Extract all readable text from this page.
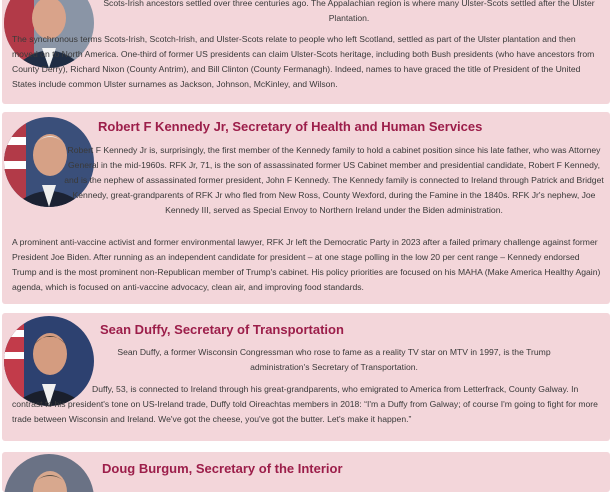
Scots-Irish ancestors settled over three centuries ago. The Appalachian region is where many Ulster-Scots settled after the Ulster Plantation.

The synchronous terms Scots-Irish, Scotch-Irish, and Ulster-Scots relate to people who left Scotland, settled as part of the Ulster plantation and then moved on to North America. One-third of former US presidents can claim Ulster-Scots heritage, including both Bush presidents (who have ancestors from County Derry), Richard Nixon (County Antrim), and Bill Clinton (County Fermanagh). Indeed, names to have graced the title of President of the United States include common Ulster surnames as Jackson, Johnson, McKinley, and Wilson.

Robert F Kennedy Jr, Secretary of Health and Human Services

Robert F Kennedy Jr is, surprisingly, the first member of the Kennedy family to hold a cabinet position since his late father, who was Attorney General in the mid-1960s. RFK Jr, 71, is the son of assassinated former US Cabinet member and presidential candidate, Robert F Kennedy, and is the nephew of assassinated former president, John F Kennedy. The Kennedy family is connected to Ireland through Patrick and Bridget Kennedy, great-grandparents of RFK Jr who fled from New Ross, County Wexford, during the Famine in the 1840s. RFK Jr's nephew, Joe Kennedy III, served as Special Envoy to Northern Ireland under the Biden administration.

A prominent anti-vaccine activist and former environmental lawyer, RFK Jr left the Democratic Party in 2023 after a failed primary challenge against former President Joe Biden. After running as an independent candidate for president – at one stage polling in the low 20 per cent range – Kennedy endorsed Trump and is the most prominent non-Republican member of Trump's cabinet. His policy priorities are focused on his MAHA (Make America Healthy Again) agenda, which is focused on anti-vaccine advocacy, clean air, and improving food standards.

Sean Duffy, Secretary of Transportation

Sean Duffy, a former Wisconsin Congressman who rose to fame as a reality TV star on MTV in 1997, is the Trump administration's Secretary of Transportation.

Duffy, 53, is connected to Ireland through his great-grandparents, who emigrated to America from Letterfrack, County Galway. In contrast to his president's tone on US-Ireland trade, Duffy told Oireachtas members in 2018: “I'm a Duffy from Galway; of course I'm going to fight for more trade between Wisconsin and Ireland. We've got the cheese, you've got the butter. Let's make it happen.”

Doug Burgum, Secretary of the Interior
